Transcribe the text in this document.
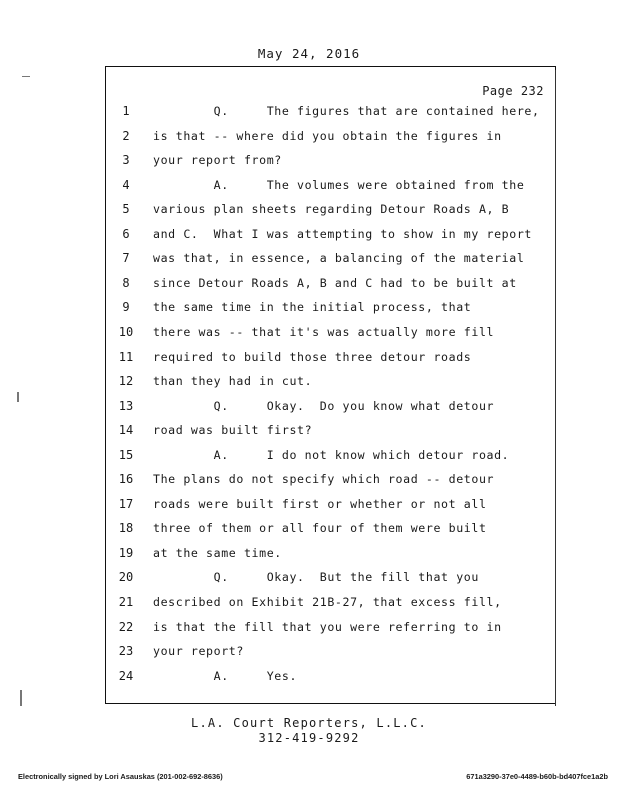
May 24, 2016
Page 232
1	Q.     The figures that are contained here,
2	is that -- where did you obtain the figures in
3	your report from?
4	A.     The volumes were obtained from the
5	various plan sheets regarding Detour Roads A, B
6	and C.  What I was attempting to show in my report
7	was that, in essence, a balancing of the material
8	since Detour Roads A, B and C had to be built at
9	the same time in the initial process, that
10	there was -- that it's was actually more fill
11	required to build those three detour roads
12	than they had in cut.
13	Q.     Okay.  Do you know what detour
14	road was built first?
15	A.     I do not know which detour road.
16	The plans do not specify which road -- detour
17	roads were built first or whether or not all
18	three of them or all four of them were built
19	at the same time.
20	Q.     Okay.  But the fill that you
21	described on Exhibit 21B-27, that excess fill,
22	is that the fill that you were referring to in
23	your report?
24	A.     Yes.
L.A. Court Reporters, L.L.C.
312-419-9292
Electronically signed by Lori Asauskas (201-002-692-8636)	671a3290-37e0-4489-b60b-bd407fce1a2b
